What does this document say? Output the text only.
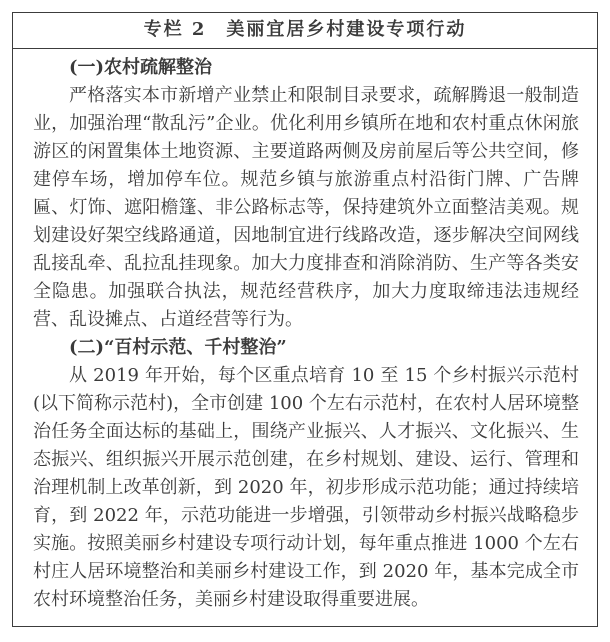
专栏 2　美丽宜居乡村建设专项行动
(一)农村疏解整治

严格落实本市新增产业禁止和限制目录要求，疏解腾退一般制造业，加强治理“散乱污”企业。优化利用乡镇所在地和农村重点休闲旅游区的闲置集体土地资源、主要道路两侧及房前屋后等公共空间，修建停车场，增加停车位。规范乡镇与旅游重点村沿街门牌、广告牌匾、灯饰、遮阳檐篷、非公路标志等，保持建筑外立面整洁美观。规划建设好架空线路通道，因地制宜进行线路改造，逐步解决空间网线乱接乱牵、乱拉乱挂现象。加大力度排查和消除消防、生产等各类安全隐患。加强联合执法，规范经营秩序，加大力度取缔违法违规经营、乱设摊点、占道经营等行为。

(二)“百村示范、千村整治”

从 2019 年开始，每个区重点培育 10 至 15 个乡村振兴示范村(以下简称示范村)，全市创建 100 个左右示范村，在农村人居环境整治任务全面达标的基础上，围绕产业振兴、人才振兴、文化振兴、生态振兴、组织振兴开展示范创建，在乡村规划、建设、运行、管理和治理机制上改革创新，到 2020 年，初步形成示范功能；通过持续培育，到 2022 年，示范功能进一步增强，引领带动乡村振兴战略稳步实施。按照美丽乡村建设专项行动计划，每年重点推进 1000 个左右村庄人居环境整治和美丽乡村建设工作，到 2020 年，基本完成全市农村环境整治任务，美丽乡村建设取得重要进展。
